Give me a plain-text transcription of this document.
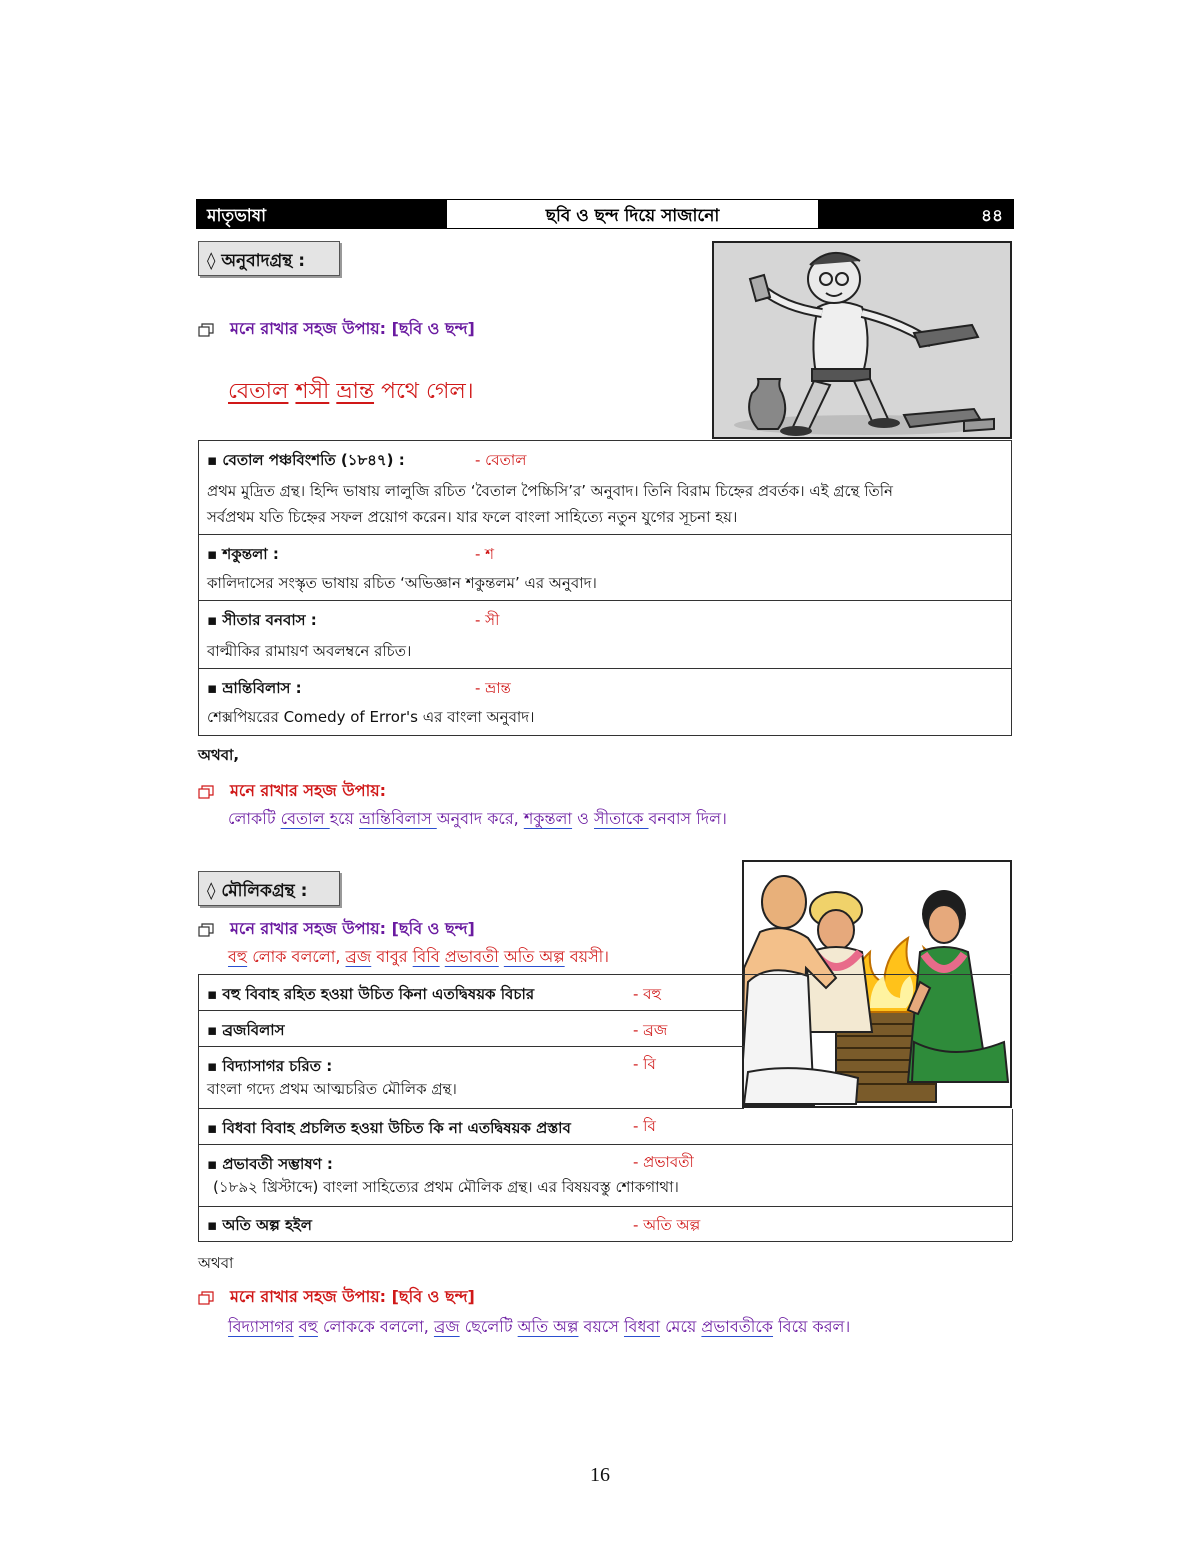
মাতৃভাষা	ছবি ও ছন্দ দিয়ে সাজানো	৪৪
◊ অনুবাদগ্রন্থ :
মনে রাখার সহজ উপায়: [ছবি ও ছন্দ]
বেতাল শসী ভ্রান্ত পথে গেল।
▪ বেতাল পঞ্চবিংশতি (১৮৪৭) :	- বেতাল
প্রথম মুদ্রিত গ্রন্থ। হিন্দি ভাষায় লালুজি রচিত ‘বৈতাল পৈচ্চিসি’র’ অনুবাদ। তিনি বিরাম চিহ্নের প্রবর্তক। এই গ্রন্থে তিনি
সর্বপ্রথম যতি চিহ্নের সফল প্রয়োগ করেন। যার ফলে বাংলা সাহিত্যে নতুন যুগের সূচনা হয়।
▪ শকুন্তলা :	- শ
কালিদাসের সংস্কৃত ভাষায় রচিত ‘অভিজ্ঞান শকুন্তলম’ এর অনুবাদ।
▪ সীতার বনবাস :	- সী
বাল্মীকির রামায়ণ অবলম্বনে রচিত।
▪ ভ্রান্তিবিলাস :	- ভ্রান্ত
শেক্সপিয়রের Comedy of Error's এর বাংলা অনুবাদ।
অথবা,
মনে রাখার সহজ উপায়:
লোকটি বেতাল হয়ে ভ্রান্তিবিলাস অনুবাদ করে, শকুন্তলা ও সীতাকে বনবাস দিল।
◊ মৌলিকগ্রন্থ :
মনে রাখার সহজ উপায়: [ছবি ও ছন্দ]
বহু লোক বললো, ব্রজ বাবুর বিবি প্রভাবতী অতি অল্প বয়সী।
▪ বহু বিবাহ রহিত হওয়া উচিত কিনা এতদ্বিষয়ক বিচার	- বহু
▪ ব্রজবিলাস	- ব্রজ
▪ বিদ্যাসাগর চরিত :	- বি
বাংলা গদ্যে প্রথম আত্মচরিত মৌলিক গ্রন্থ।
▪ বিধবা বিবাহ প্রচলিত হওয়া উচিত কি না এতদ্বিষয়ক প্রস্তাব	- বি
▪ প্রভাবতী সম্ভাষণ :	- প্রভাবতী
(১৮৯২ খ্রিস্টাব্দে) বাংলা সাহিত্যের প্রথম মৌলিক গ্রন্থ। এর বিষয়বস্তু শোকগাথা।
▪ অতি অল্প হইল	- অতি অল্প
অথবা
মনে রাখার সহজ উপায়: [ছবি ও ছন্দ]
বিদ্যাসাগর বহু লোককে বললো, ব্রজ ছেলেটি অতি অল্প বয়সে বিধবা মেয়ে প্রভাবতীকে বিয়ে করল।
16
